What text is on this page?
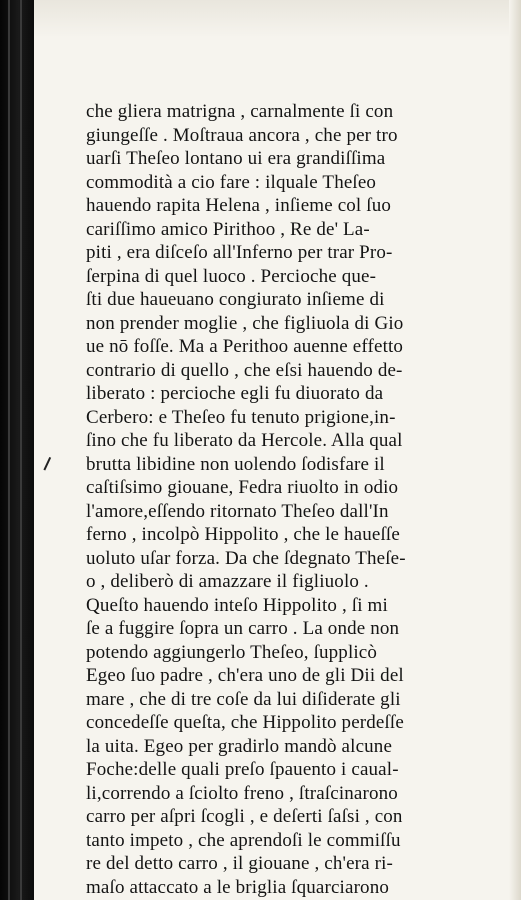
che gliera matrigna , carnalmente ſi con
giungeſſe . Moſtraua ancora , che per tro
uarſi Theſeo lontano ui era grandiſſima
commodità a cio fare : ilquale Theſeo
hauendo rapita Helena , inſieme col ſuo
cariſſimo amico Pirithoo , Re de' La-
piti , era diſceſo all'Inferno per trar Pro-
ſerpina di quel luoco . Percioche que-
ſti due haueuano congiurato inſieme di
non prender moglie , che figliuola di Gio
ue nō foſſe. Ma a Perithoo auenne effetto
contrario di quello , che eſsi hauendo de-
liberato : percioche egli fu diuorato da
Cerbero: e Theſeo fu tenuto prigione,in-
ſino che fu liberato da Hercole. Alla qual
brutta libidine non uolendo ſodisfare il
caſtiſsimo giouane, Fedra riuolto in odio
l'amore,eſſendo ritornato Theſeo dall'In
ferno , incolpò Hippolito , che le haueſſe
uoluto uſar forza. Da che ſdegnato Theſe-
o , deliberò di amazzare il figliuolo .
Queſto hauendo inteſo Hippolito , ſi mi
ſe a fuggire ſopra un carro . La onde non
potendo aggiungerlo Theſeo, ſupplicò
Egeo ſuo padre , ch'era uno de gli Dii del
mare , che di tre coſe da lui diſiderate gli
concedeſſe queſta, che Hippolito perdeſſe
la uita. Egeo per gradirlo mandò alcune
Foche:delle quali preſo ſpauento i caual-
li,correndo a ſciolto freno , ſtraſcinarono
carro per aſpri ſcogli , e deſerti ſaſsi , con
tanto impeto , che aprendoſi le commiſſu
re del detto carro , il giouane , ch'era ri-
maſo attaccato a le briglia ſquarciarono
